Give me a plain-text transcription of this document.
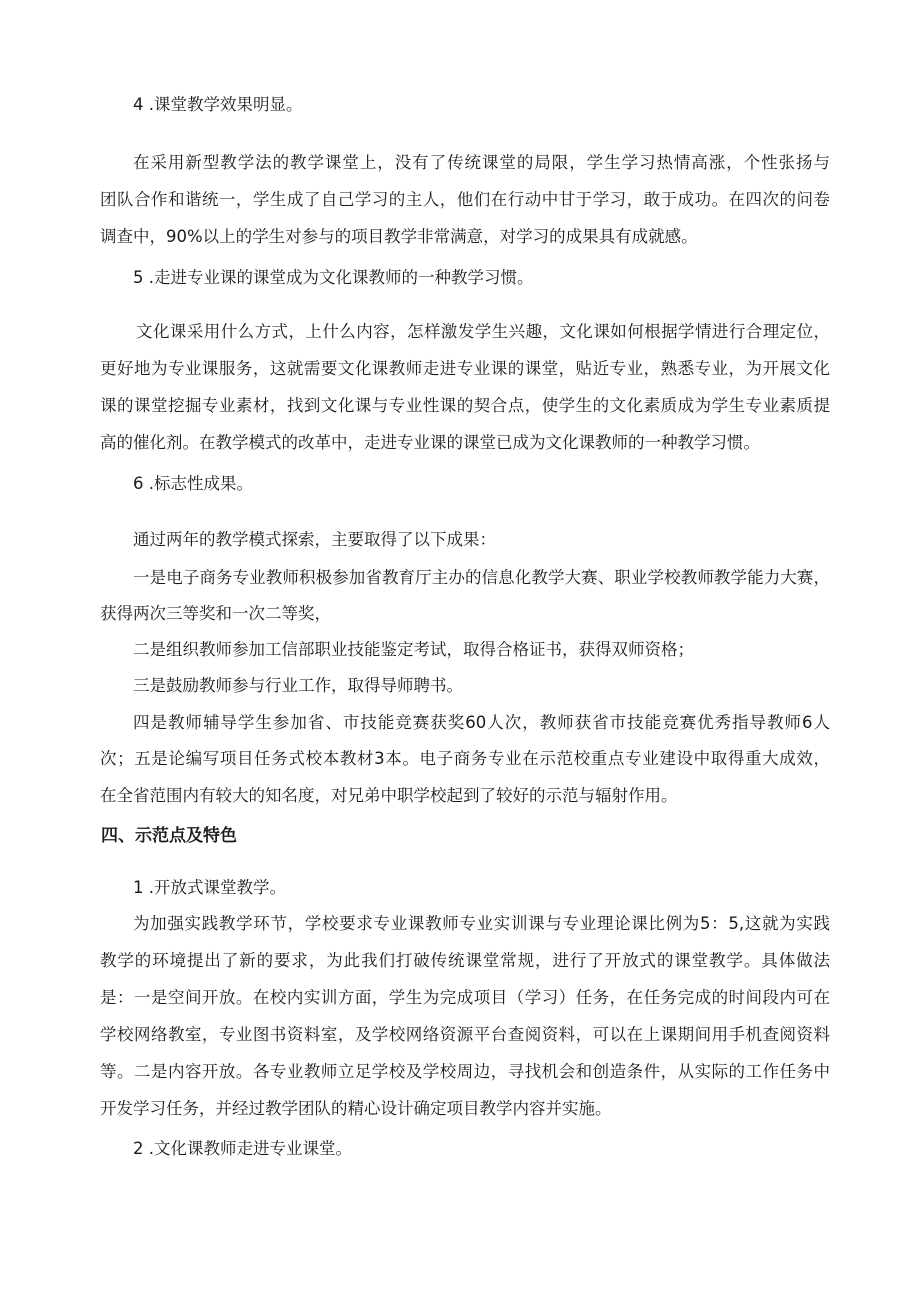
4 .课堂教学效果明显。
在采用新型教学法的教学课堂上，没有了传统课堂的局限，学生学习热情高涨，个性张扬与
团队合作和谐统一，学生成了自己学习的主人，他们在行动中甘于学习，敢于成功。在四次的问卷
调查中，90%以上的学生对参与的项目教学非常满意，对学习的成果具有成就感。
5 .走进专业课的课堂成为文化课教师的一种教学习惯。
文化课采用什么方式，上什么内容，怎样激发学生兴趣，文化课如何根据学情进行合理定位，
更好地为专业课服务，这就需要文化课教师走进专业课的课堂，贴近专业，熟悉专业，为开展文化
课的课堂挖掘专业素材，找到文化课与专业性课的契合点，使学生的文化素质成为学生专业素质提
高的催化剂。在教学模式的改革中，走进专业课的课堂已成为文化课教师的一种教学习惯。
6 .标志性成果。
通过两年的教学模式探索，主要取得了以下成果：
一是电子商务专业教师积极参加省教育厅主办的信息化教学大赛、职业学校教师教学能力大赛，
获得两次三等奖和一次二等奖，
二是组织教师参加工信部职业技能鉴定考试，取得合格证书，获得双师资格；
三是鼓励教师参与行业工作，取得导师聘书。
四是教师辅导学生参加省、市技能竞赛获奖60人次，教师获省市技能竞赛优秀指导教师6人
次；五是论编写项目任务式校本教材3本。电子商务专业在示范校重点专业建设中取得重大成效，
在全省范围内有较大的知名度，对兄弟中职学校起到了较好的示范与辐射作用。
四、示范点及特色
1 .开放式课堂教学。
为加强实践教学环节，学校要求专业课教师专业实训课与专业理论课比例为5：5,这就为实践
教学的环境提出了新的要求，为此我们打破传统课堂常规，进行了开放式的课堂教学。具体做法
是：一是空间开放。在校内实训方面，学生为完成项目（学习）任务，在任务完成的时间段内可在
学校网络教室，专业图书资料室，及学校网络资源平台查阅资料，可以在上课期间用手机查阅资料
等。二是内容开放。各专业教师立足学校及学校周边，寻找机会和创造条件，从实际的工作任务中
开发学习任务，并经过教学团队的精心设计确定项目教学内容并实施。
2 .文化课教师走进专业课堂。
